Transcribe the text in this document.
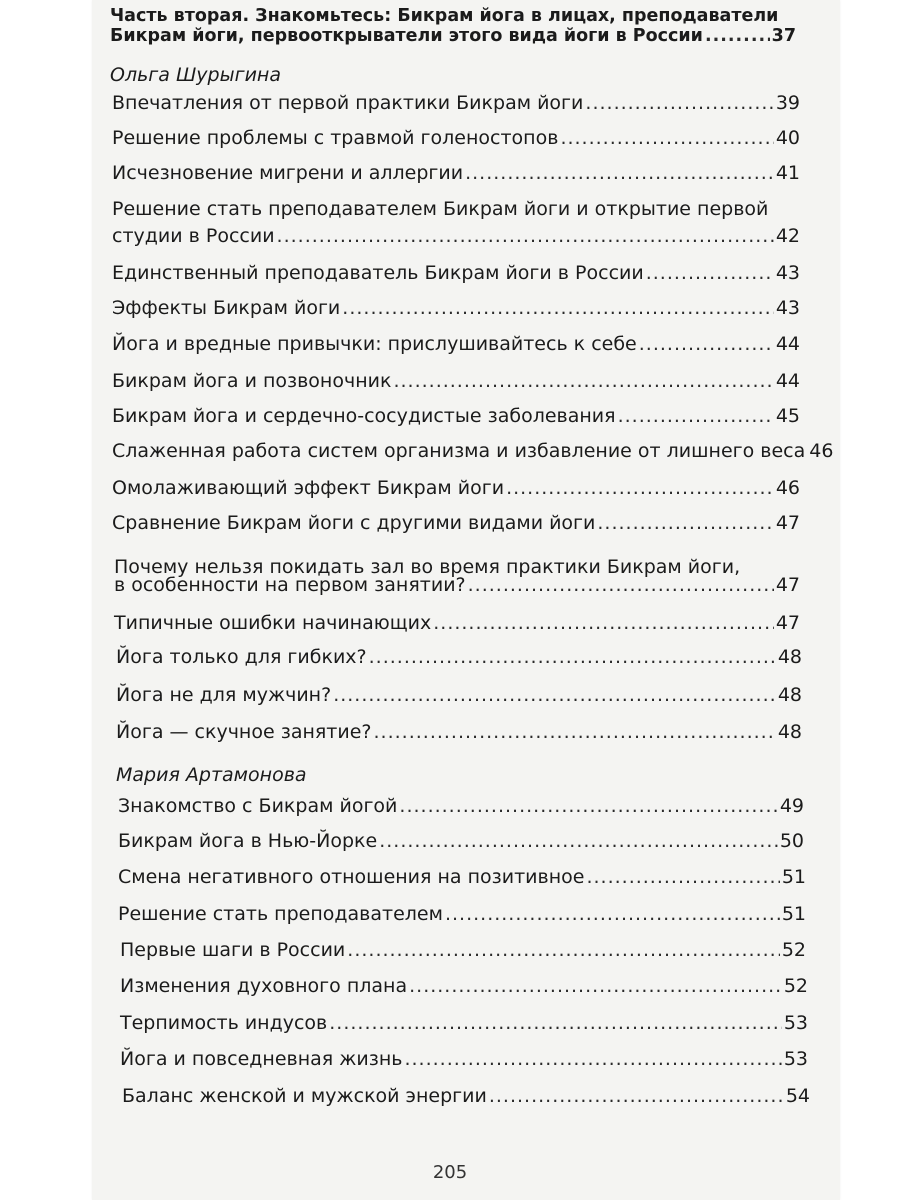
Часть вторая. Знакомьтесь: Бикрам йога в лицах, преподаватели
Бикрам йоги, первооткрыватели этого вида йоги в России .....	37
Ольга Шурыгина
Впечатления от первой практики Бикрам йоги .....	39
Решение проблемы с травмой голеностопов .....	40
Исчезновение мигрени и аллергии .....	41
Решение стать преподавателем Бикрам йоги и открытие первой
студии в России .....	42
Единственный преподаватель Бикрам йоги в России .....	43
Эффекты Бикрам йоги .....	43
Йога и вредные привычки: прислушивайтесь к себе .....	44
Бикрам йога и позвоночник .....	44
Бикрам йога и сердечно-сосудистые заболевания .....	45
Слаженная работа систем организма и избавление от лишнего веса 46
Омолаживающий эффект Бикрам йоги .....	46
Сравнение Бикрам йоги с другими видами йоги .....	47
Почему нельзя покидать зал во время практики Бикрам йоги,
в особенности на первом занятии? .....	47
Типичные ошибки начинающих .....	47
Йога только для гибких? .....	48
Йога не для мужчин? .....	48
Йога — скучное занятие? .....	48
Мария Артамонова
Знакомство с Бикрам йогой .....	49
Бикрам йога в Нью-Йорке .....	50
Смена негативного отношения на позитивное .....	51
Решение стать преподавателем .....	51
Первые шаги в России .....	52
Изменения духовного плана .....	52
Терпимость индусов .....	53
Йога и повседневная жизнь .....	53
Баланс женской и мужской энергии .....	54
205
